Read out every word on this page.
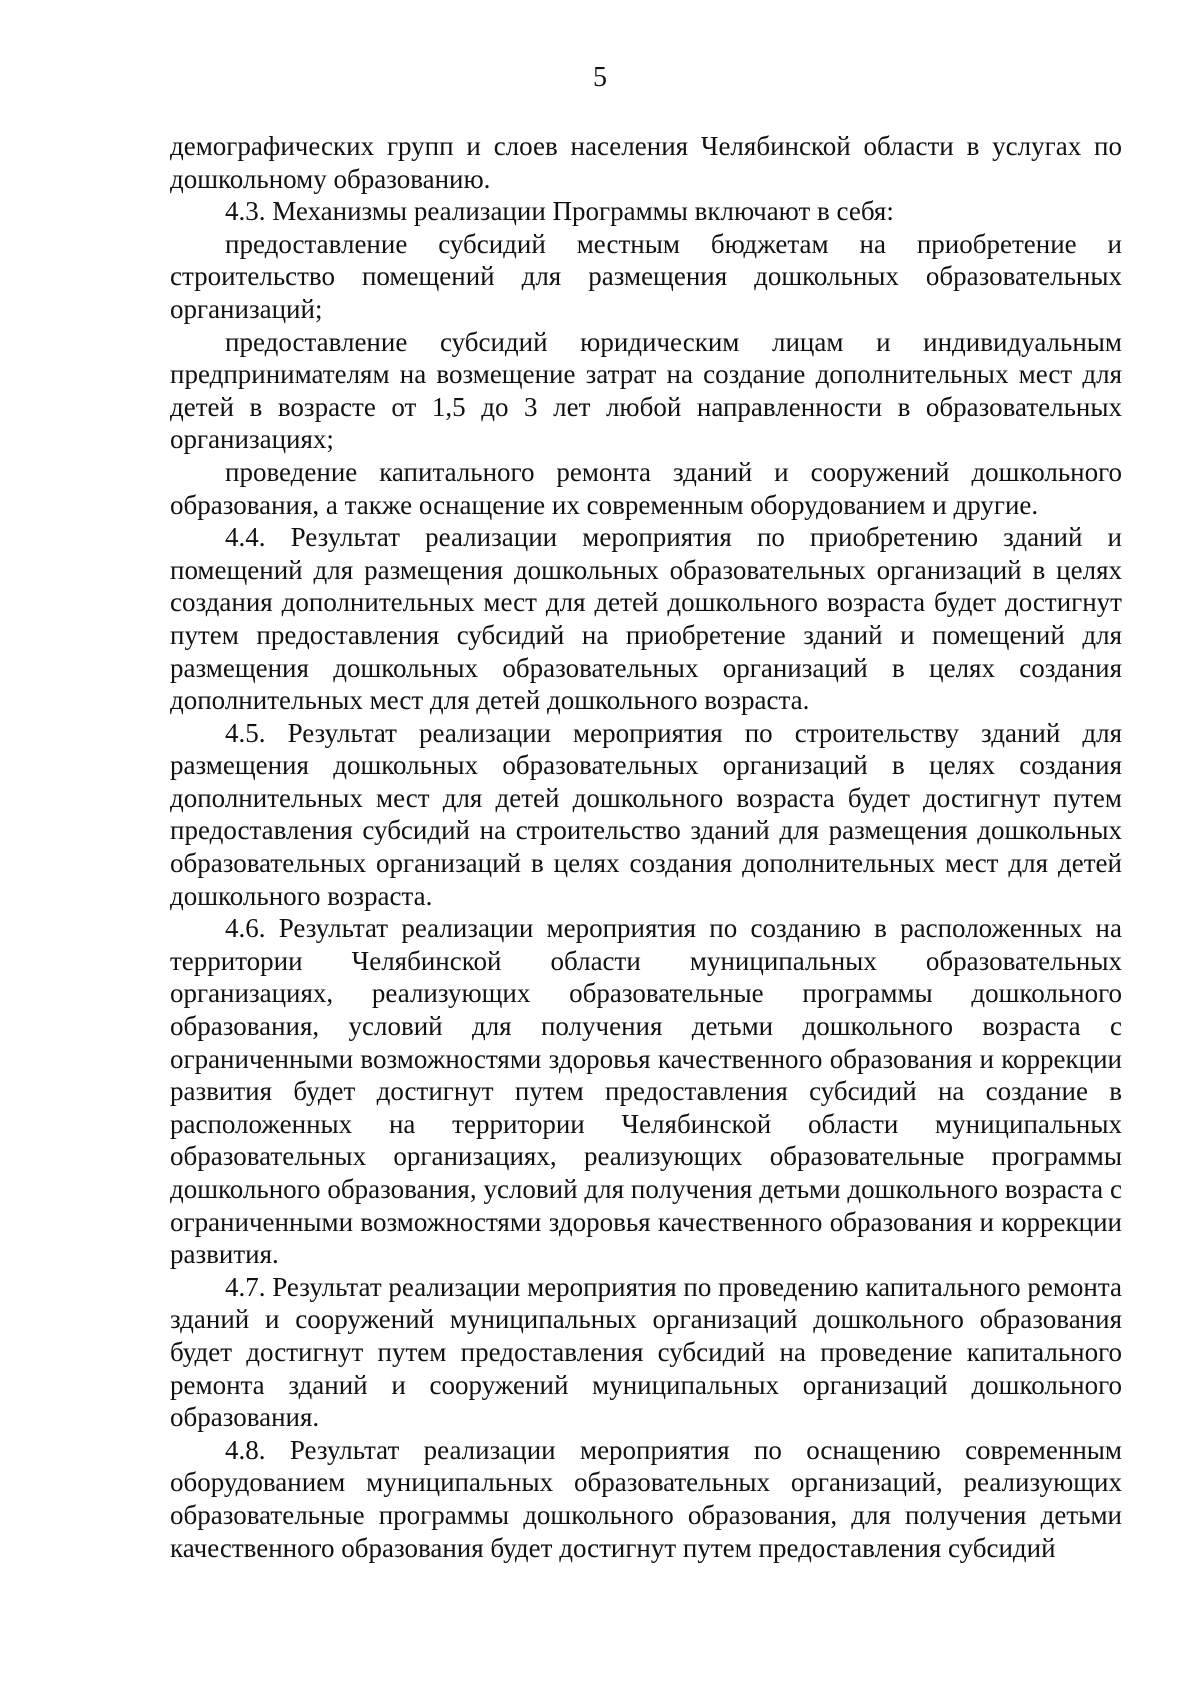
5

демографических групп и слоев населения Челябинской области в услугах по дошкольному образованию.

4.3. Механизмы реализации Программы включают в себя:

предоставление субсидий местным бюджетам на приобретение и строительство помещений для размещения дошкольных образовательных организаций;

предоставление субсидий юридическим лицам и индивидуальным предпринимателям на возмещение затрат на создание дополнительных мест для детей в возрасте от 1,5 до 3 лет любой направленности в образовательных организациях;

проведение капитального ремонта зданий и сооружений дошкольного образования, а также оснащение их современным оборудованием и другие.

4.4. Результат реализации мероприятия по приобретению зданий и помещений для размещения дошкольных образовательных организаций в целях создания дополнительных мест для детей дошкольного возраста будет достигнут путем предоставления субсидий на приобретение зданий и помещений для размещения дошкольных образовательных организаций в целях создания дополнительных мест для детей дошкольного возраста.

4.5. Результат реализации мероприятия по строительству зданий для размещения дошкольных образовательных организаций в целях создания дополнительных мест для детей дошкольного возраста будет достигнут путем предоставления субсидий на строительство зданий для размещения дошкольных образовательных организаций в целях создания дополнительных мест для детей дошкольного возраста.

4.6. Результат реализации мероприятия по созданию в расположенных на территории Челябинской области муниципальных образовательных организациях, реализующих образовательные программы дошкольного образования, условий для получения детьми дошкольного возраста с ограниченными возможностями здоровья качественного образования и коррекции развития будет достигнут путем предоставления субсидий на создание в расположенных на территории Челябинской области муниципальных образовательных организациях, реализующих образовательные программы дошкольного образования, условий для получения детьми дошкольного возраста с ограниченными возможностями здоровья качественного образования и коррекции развития.

4.7. Результат реализации мероприятия по проведению капитального ремонта зданий и сооружений муниципальных организаций дошкольного образования будет достигнут путем предоставления субсидий на проведение капитального ремонта зданий и сооружений муниципальных организаций дошкольного образования.

4.8. Результат реализации мероприятия по оснащению современным оборудованием муниципальных образовательных организаций, реализующих образовательные программы дошкольного образования, для получения детьми качественного образования будет достигнут путем предоставления субсидий
